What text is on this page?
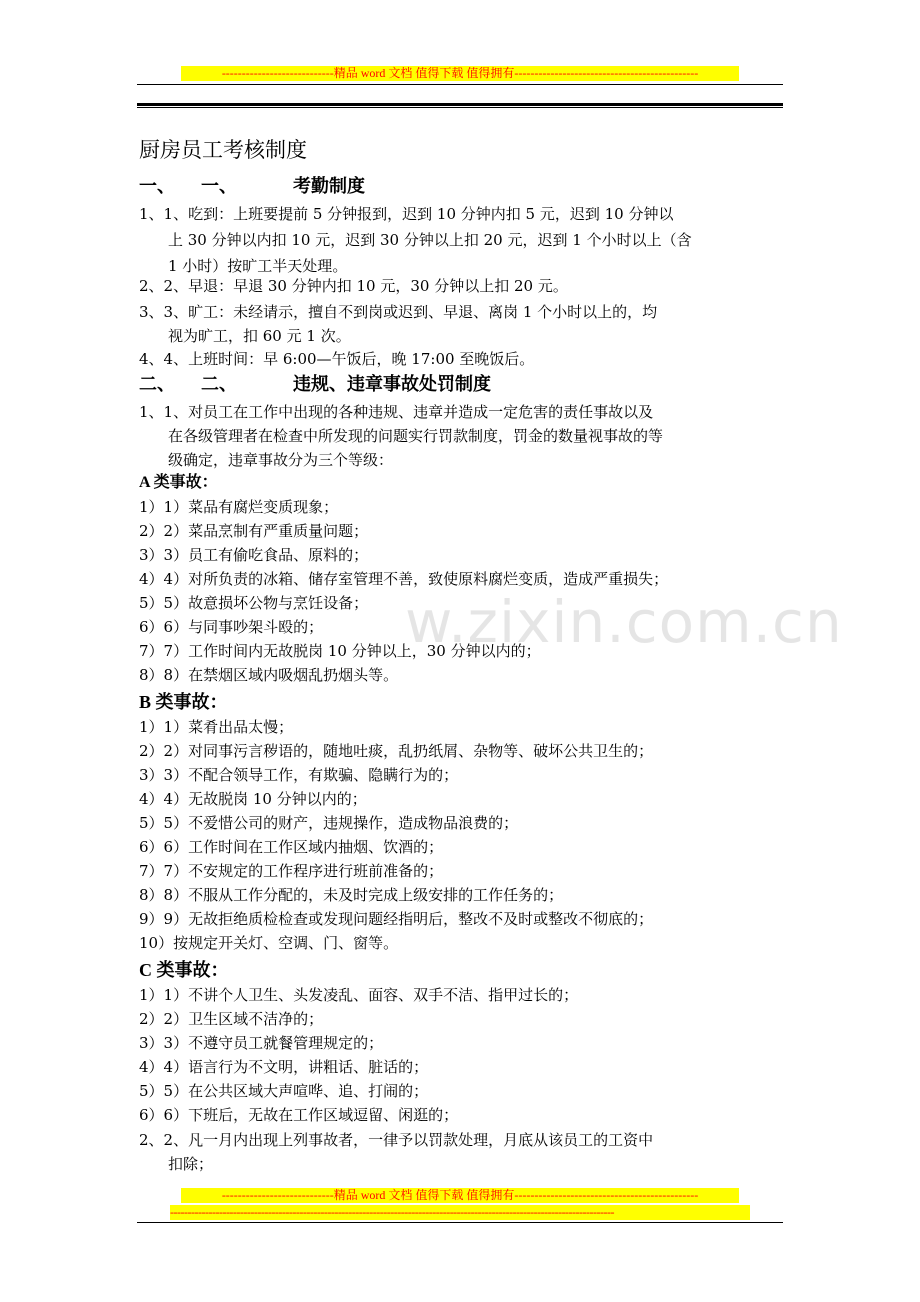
----------------------------精品 word 文档 值得下载 值得拥有----------------------------------------------
w.zixin.com.cn
厨房员工考核制度
一、 一、	考勤制度
1、1、吃到：上班要提前 5 分钟报到，迟到 10 分钟内扣 5 元，迟到 10 分钟以
上 30 分钟以内扣 10 元，迟到 30 分钟以上扣 20 元，迟到 1 个小时以上（含
1 小时）按旷工半天处理。
2、2、早退：早退 30 分钟内扣 10 元，30 分钟以上扣 20 元。
3、3、旷工：未经请示，擅自不到岗或迟到、早退、离岗 1 个小时以上的，均
视为旷工，扣 60 元 1 次。
4、4、上班时间：早 6:00—午饭后，晚 17:00 至晚饭后。
二、 二、	违规、违章事故处罚制度
1、1、对员工在工作中出现的各种违规、违章并造成一定危害的责任事故以及
在各级管理者在检查中所发现的问题实行罚款制度，罚金的数量视事故的等
级确定，违章事故分为三个等级：
A 类事故：
1）1）菜品有腐烂变质现象；
2）2）菜品烹制有严重质量问题；
3）3）员工有偷吃食品、原料的；
4）4）对所负责的冰箱、储存室管理不善，致使原料腐烂变质，造成严重损失；
5）5）故意损坏公物与烹饪设备；
6）6）与同事吵架斗殴的；
7）7）工作时间内无故脱岗 10 分钟以上，30 分钟以内的；
8）8）在禁烟区域内吸烟乱扔烟头等。
B 类事故：
1）1）菜肴出品太慢；
2）2）对同事污言秽语的，随地吐痰，乱扔纸屑、杂物等、破坏公共卫生的；
3）3）不配合领导工作，有欺骗、隐瞒行为的；
4）4）无故脱岗 10 分钟以内的；
5）5）不爱惜公司的财产，违规操作，造成物品浪费的；
6）6）工作时间在工作区域内抽烟、饮酒的；
7）7）不安规定的工作程序进行班前准备的；
8）8）不服从工作分配的，未及时完成上级安排的工作任务的；
9）9）无故拒绝质检检查或发现问题经指明后，整改不及时或整改不彻底的；
10）按规定开关灯、空调、门、窗等。
C 类事故：
1）1）不讲个人卫生、头发凌乱、面容、双手不洁、指甲过长的；
2）2）卫生区域不洁净的；
3）3）不遵守员工就餐管理规定的；
4）4）语言行为不文明，讲粗话、脏话的；
5）5）在公共区域大声喧哗、追、打闹的；
6）6）下班后，无故在工作区域逗留、闲逛的；
2、2、凡一月内出现上列事故者，一律予以罚款处理，月底从该员工的工资中
扣除；
----------------------------精品 word 文档 值得下载 值得拥有----------------------------------------------
-------------------------------------------------------------------------------------------------------------------------------
